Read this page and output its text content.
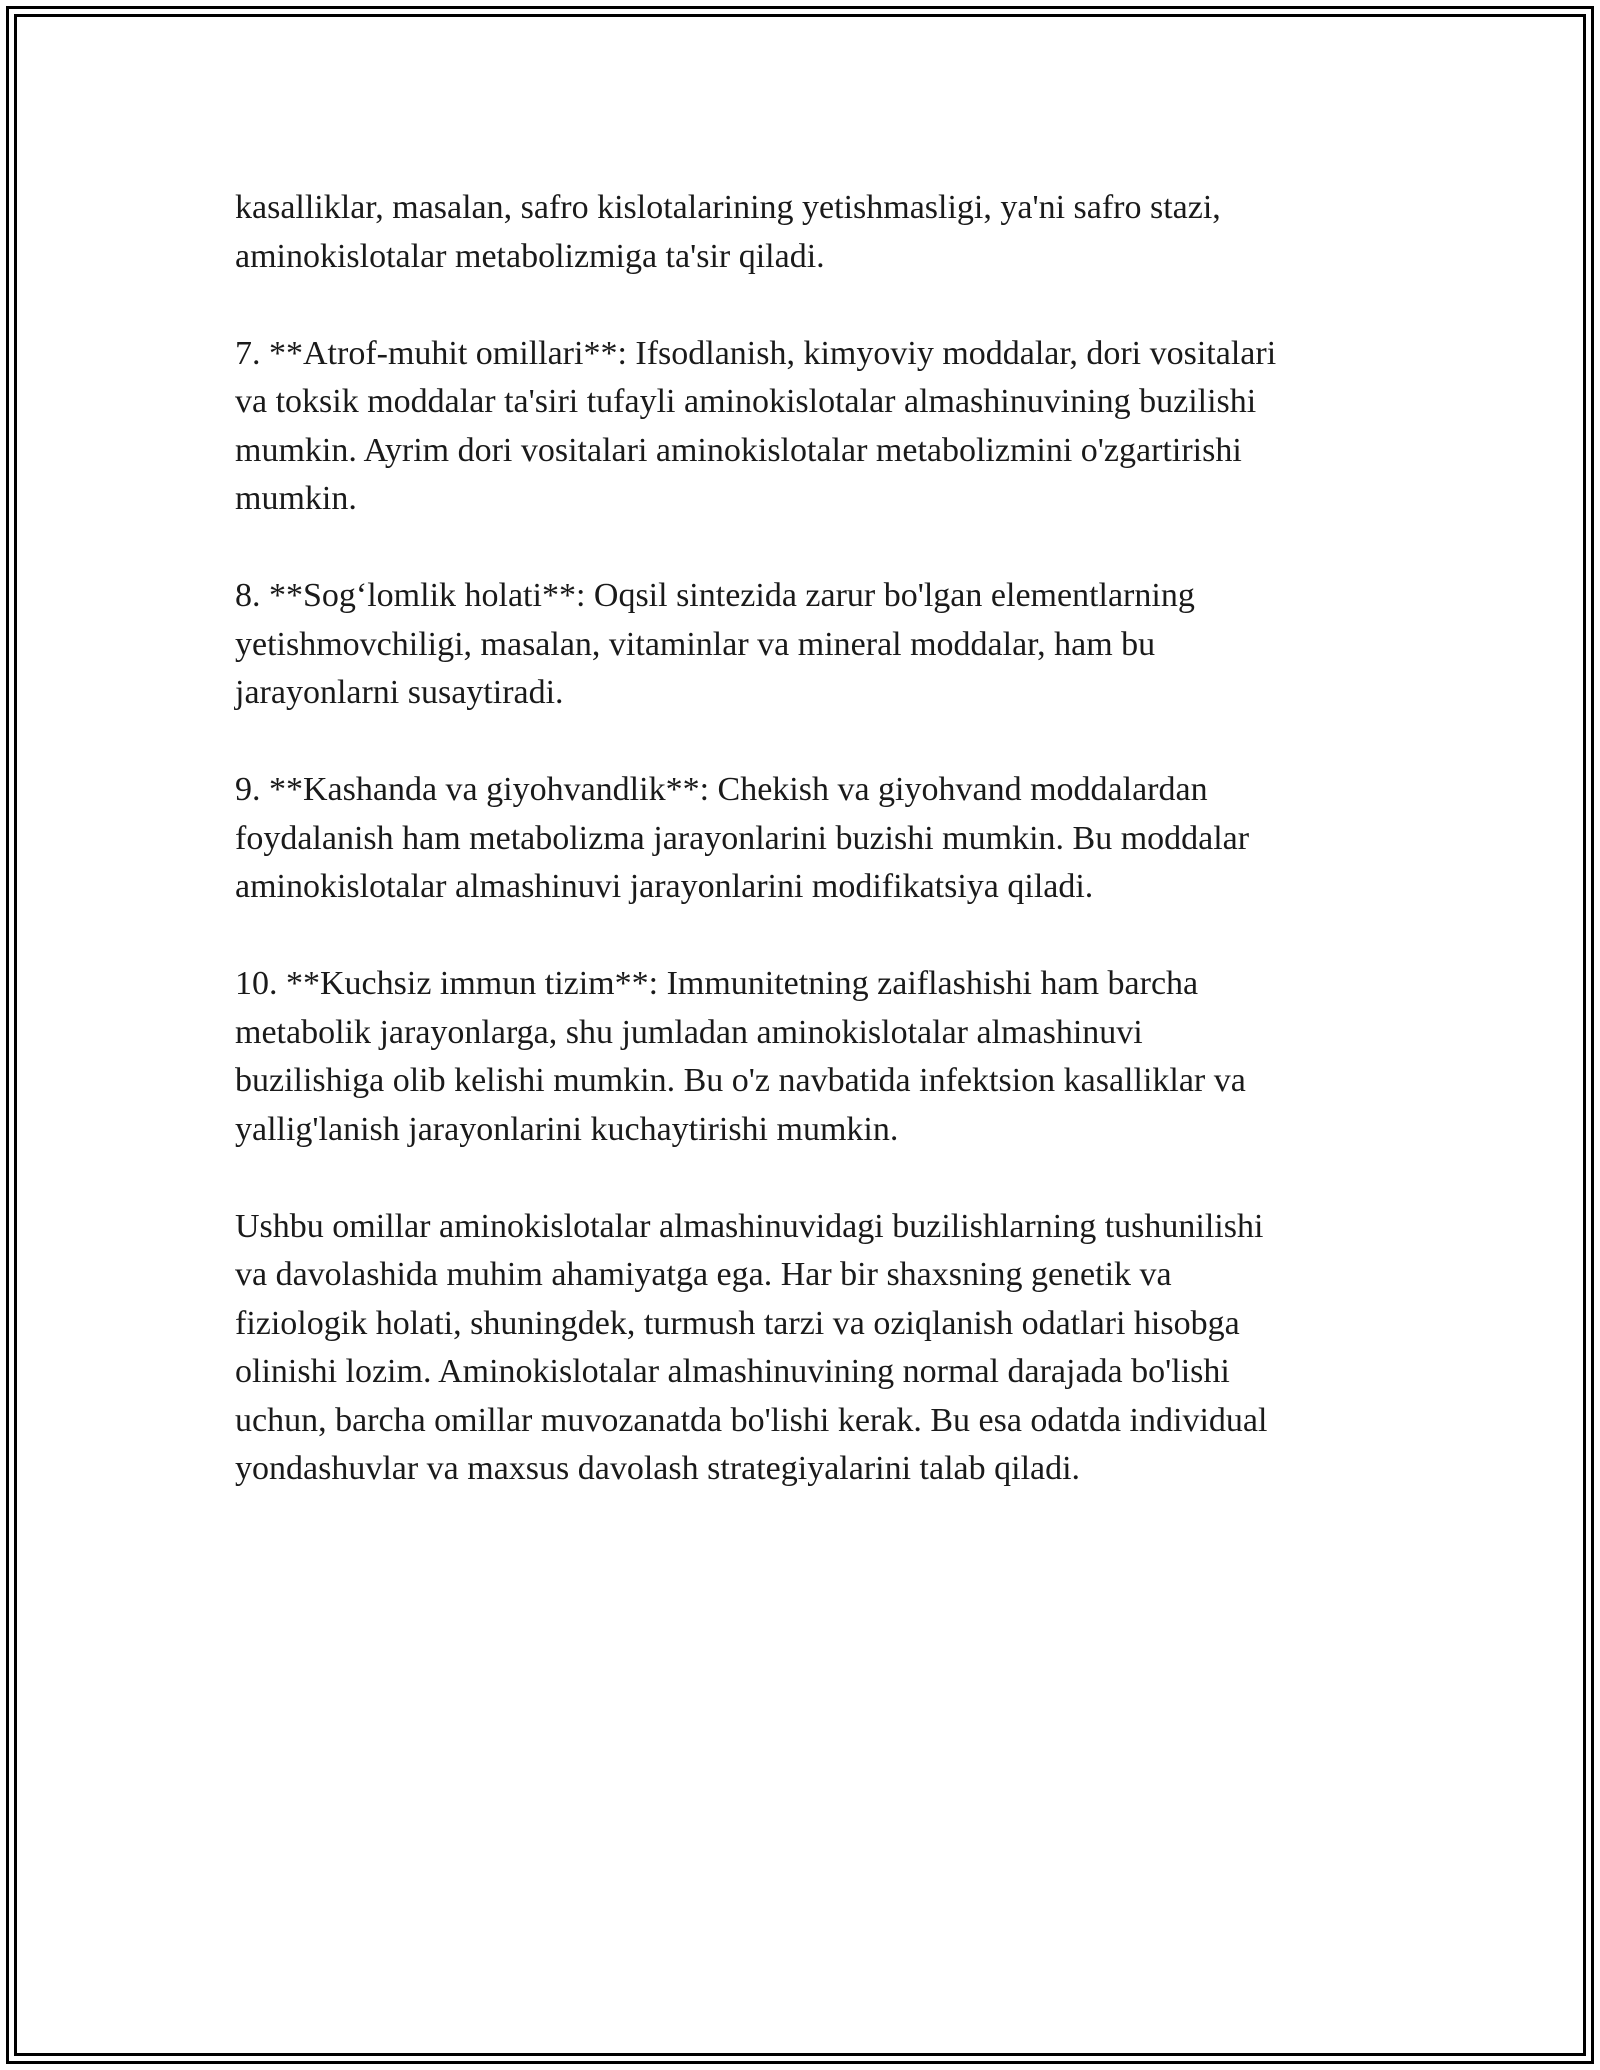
kasalliklar, masalan, safro kislotalarining yetishmasligi, ya'ni safro stazi,
aminokislotalar metabolizmiga ta'sir qiladi.

7. **Atrof-muhit omillari**: Ifsodlanish, kimyoviy moddalar, dori vositalari
va toksik moddalar ta'siri tufayli aminokislotalar almashinuvining buzilishi
mumkin. Ayrim dori vositalari aminokislotalar metabolizmini o'zgartirishi
mumkin.

8. **Sog‘lomlik holati**: Oqsil sintezida zarur bo'lgan elementlarning
yetishmovchiligi, masalan, vitaminlar va mineral moddalar, ham bu
jarayonlarni susaytiradi.

9. **Kashanda va giyohvandlik**: Chekish va giyohvand moddalardan
foydalanish ham metabolizma jarayonlarini buzishi mumkin. Bu moddalar
aminokislotalar almashinuvi jarayonlarini modifikatsiya qiladi.

10. **Kuchsiz immun tizim**: Immunitetning zaiflashishi ham barcha
metabolik jarayonlarga, shu jumladan aminokislotalar almashinuvi
buzilishiga olib kelishi mumkin. Bu o'z navbatida infektsion kasalliklar va
yallig'lanish jarayonlarini kuchaytirishi mumkin.

Ushbu omillar aminokislotalar almashinuvidagi buzilishlarning tushunilishi
va davolashida muhim ahamiyatga ega. Har bir shaxsning genetik va
fiziologik holati, shuningdek, turmush tarzi va oziqlanish odatlari hisobga
olinishi lozim. Aminokislotalar almashinuvining normal darajada bo'lishi
uchun, barcha omillar muvozanatda bo'lishi kerak. Bu esa odatda individual
yondashuvlar va maxsus davolash strategiyalarini talab qiladi.
